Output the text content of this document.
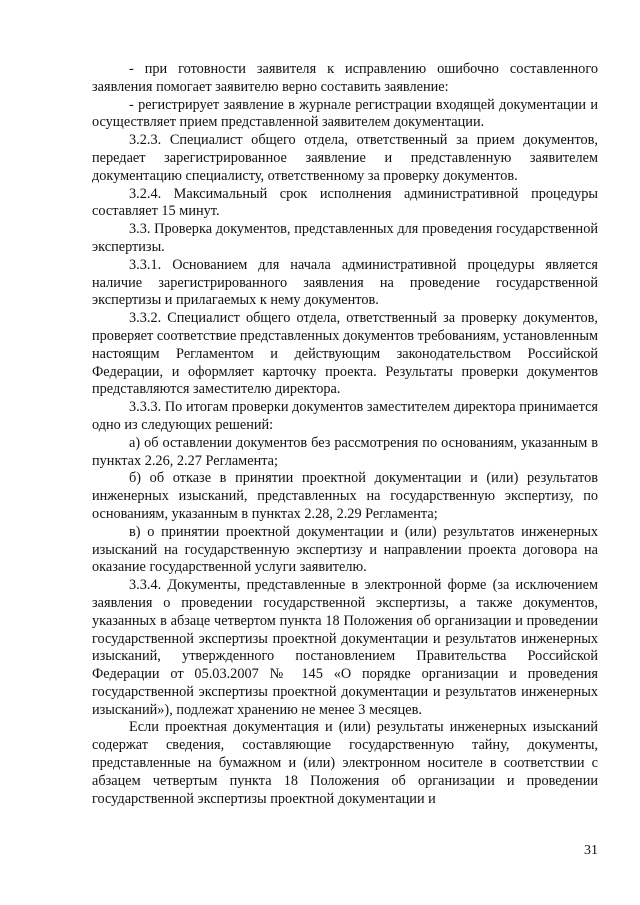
- при готовности заявителя к исправлению ошибочно составленного заявления помогает заявителю верно составить заявление:

- регистрирует заявление в журнале регистрации входящей документации и осуществляет прием представленной заявителем документации.

3.2.3. Специалист общего отдела, ответственный за прием документов, передает зарегистрированное заявление и представленную заявителем документацию специалисту, ответственному за проверку документов.

3.2.4. Максимальный срок исполнения административной процедуры составляет 15 минут.

3.3. Проверка документов, представленных для проведения государственной экспертизы.

3.3.1. Основанием для начала административной процедуры является наличие зарегистрированного заявления на проведение государственной экспертизы и прилагаемых к нему документов.

3.3.2. Специалист общего отдела, ответственный за проверку документов, проверяет соответствие представленных документов требованиям, установленным настоящим Регламентом и действующим законодательством Российской Федерации, и оформляет карточку проекта. Результаты проверки документов представляются заместителю директора.

3.3.3. По итогам проверки документов заместителем директора принимается одно из следующих решений:

а) об оставлении документов без рассмотрения по основаниям, указанным в пунктах 2.26, 2.27 Регламента;

б) об отказе в принятии проектной документации и (или) результатов инженерных изысканий, представленных на государственную экспертизу, по основаниям, указанным в пунктах 2.28, 2.29 Регламента;

в) о принятии проектной документации и (или) результатов инженерных изысканий на государственную экспертизу и направлении проекта договора на оказание государственной услуги заявителю.

3.3.4. Документы, представленные в электронной форме (за исключением заявления о проведении государственной экспертизы, а также документов, указанных в абзаце четвертом пункта 18 Положения об организации и проведении государственной экспертизы проектной документации и результатов инженерных изысканий, утвержденного постановлением Правительства Российской Федерации от 05.03.2007 № 145 «О порядке организации и проведения государственной экспертизы проектной документации и результатов инженерных изысканий»), подлежат хранению не менее 3 месяцев.

Если проектная документация и (или) результаты инженерных изысканий содержат сведения, составляющие государственную тайну, документы, представленные на бумажном и (или) электронном носителе в соответствии с абзацем четвертым пункта 18 Положения об организации и проведении государственной экспертизы проектной документации и

31
